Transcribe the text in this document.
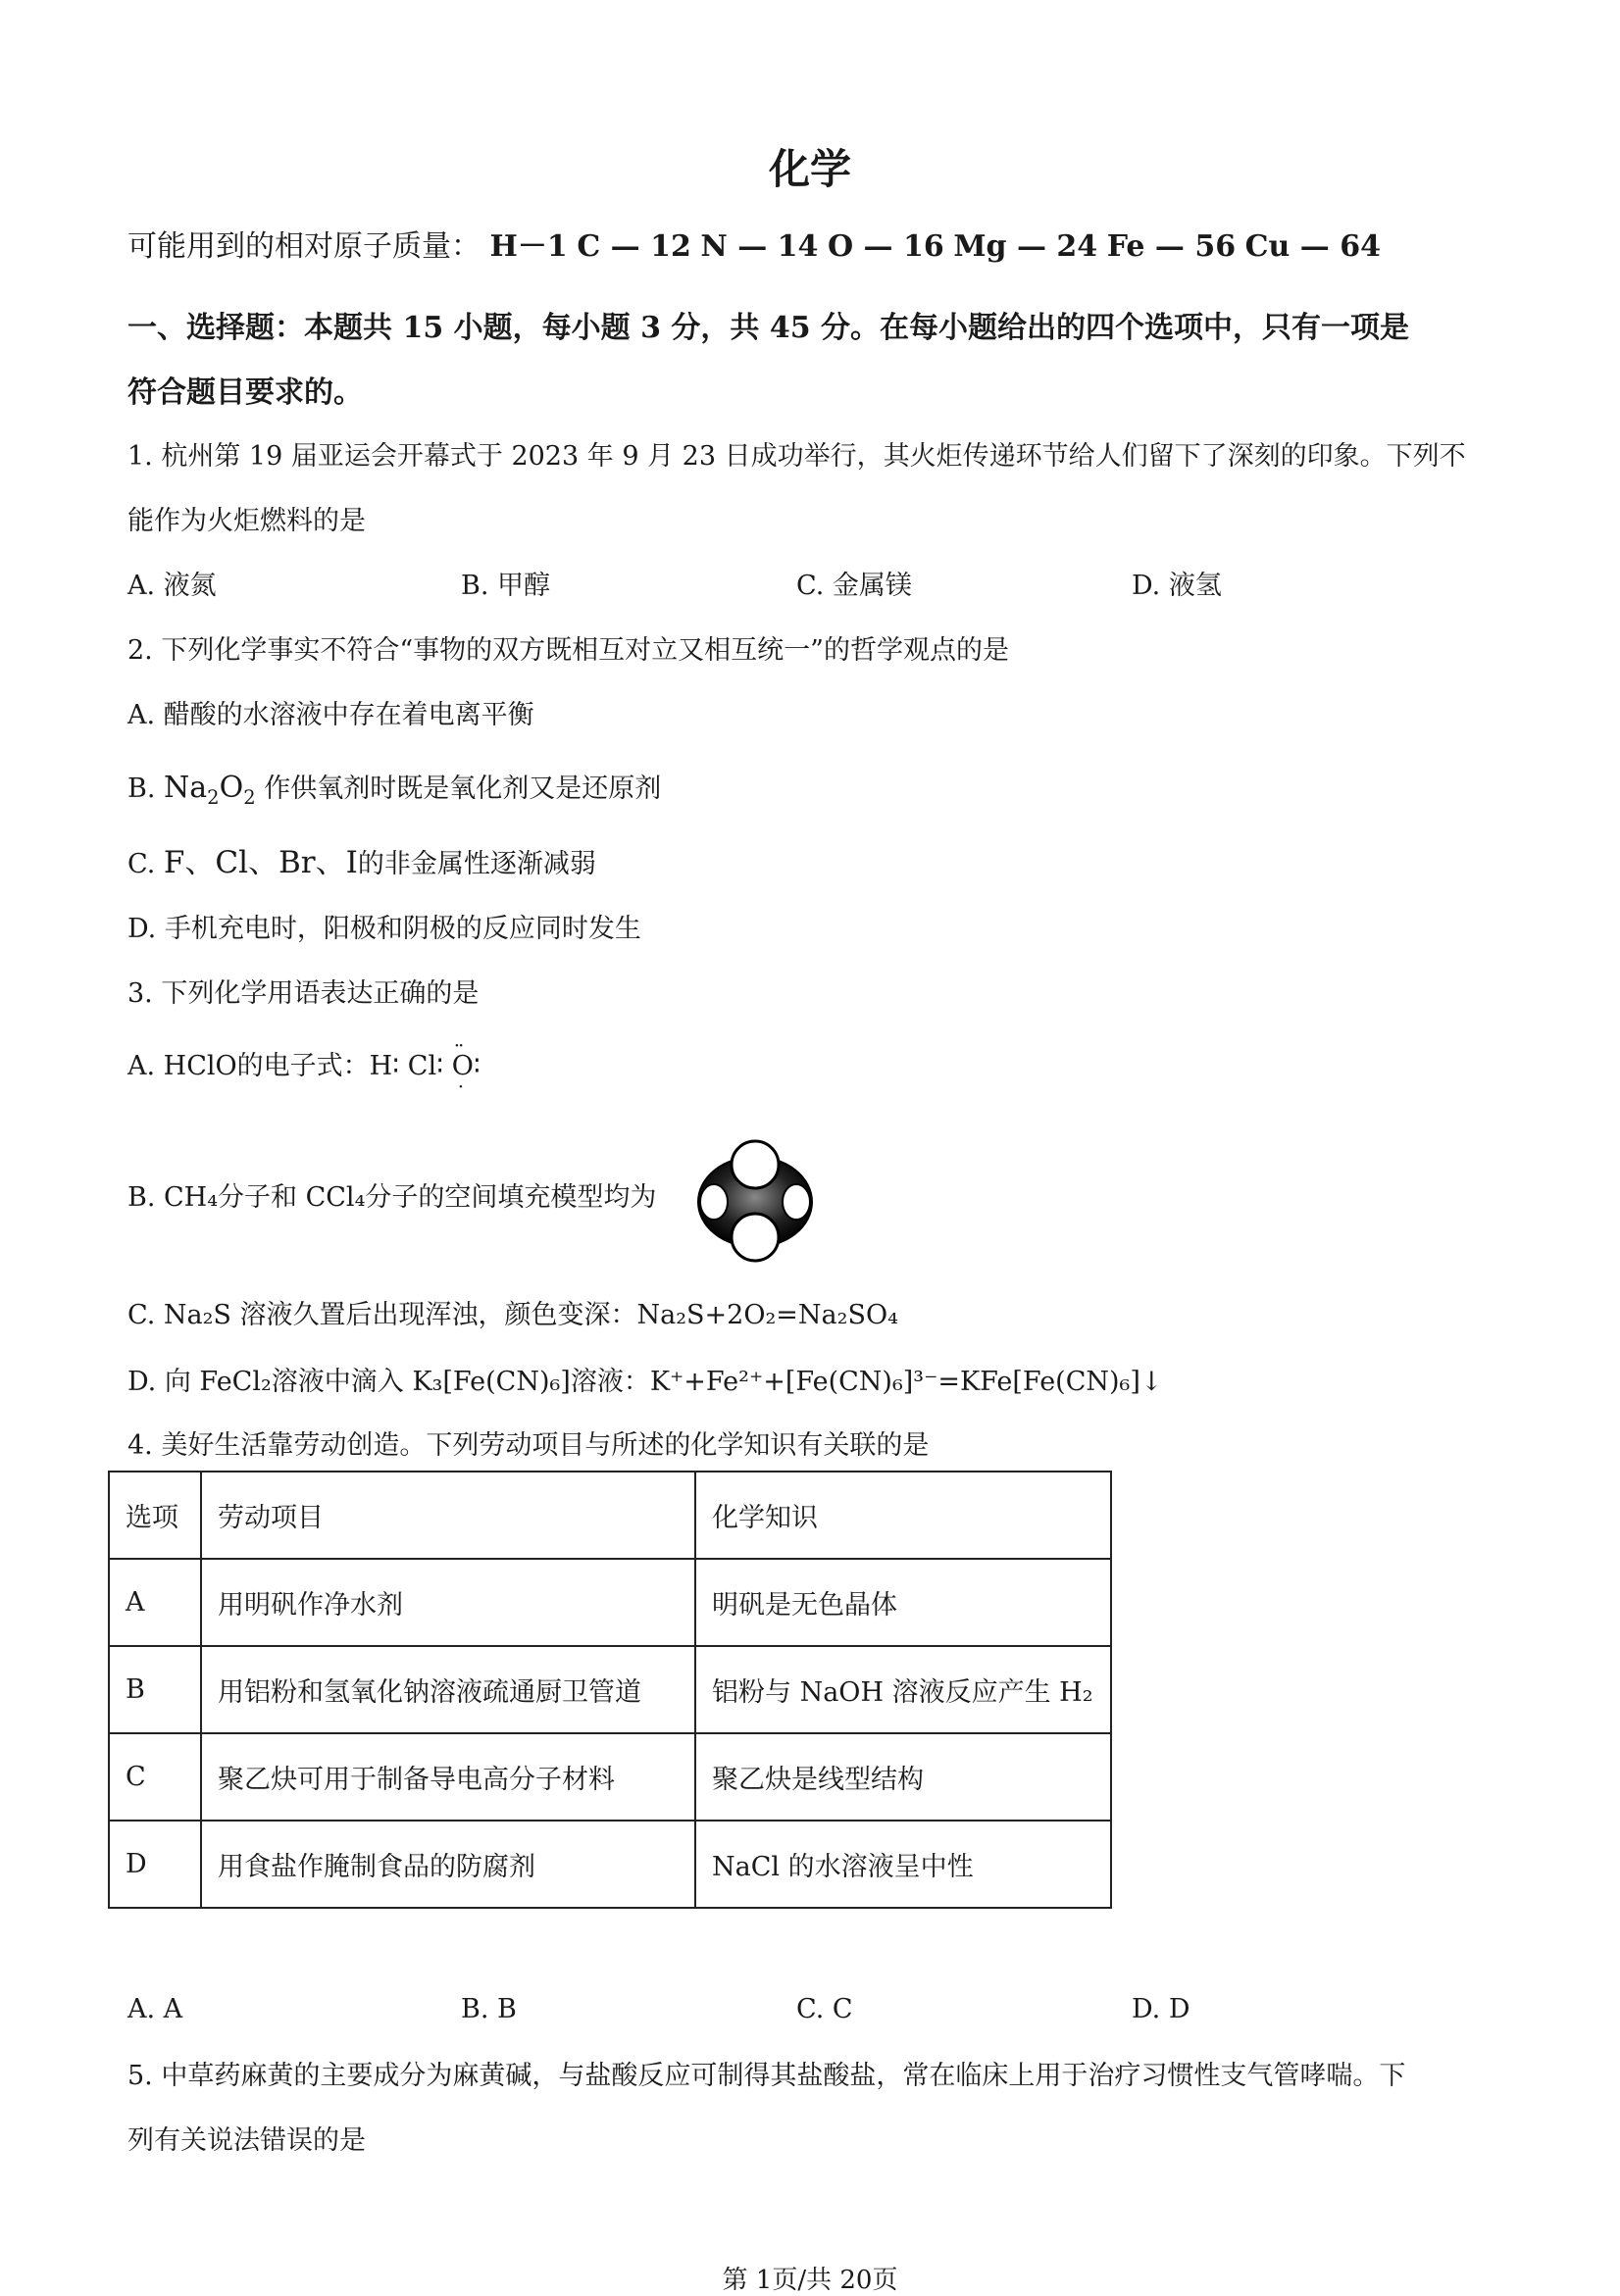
化学
可能用到的相对原子质量： H－1 C — 12 N — 14 O — 16 Mg — 24 Fe — 56 Cu — 64
一、选择题：本题共 15 小题，每小题 3 分，共 45 分。在每小题给出的四个选项中，只有一项是
符合题目要求的。
1. 杭州第 19 届亚运会开幕式于 2023 年 9 月 23 日成功举行，其火炬传递环节给人们留下了深刻的印象。下列不
能作为火炬燃料的是
A. 液氮	B. 甲醇	C. 金属镁	D. 液氢
2. 下列化学事实不符合“事物的双方既相互对立又相互统一”的哲学观点的是
A. 醋酸的水溶液中存在着电离平衡
B. $Na_2O_2$ 作供氧剂时既是氧化剂又是还原剂
C. F、Cl、Br、I的非金属性逐渐减弱
D. 手机充电时，阳极和阴极的反应同时发生
3. 下列化学用语表达正确的是
A. HClO的电子式：H∶ Cl∶ ·· O ·∶
B. CH₄分子和 CCl₄分子的空间填充模型均为
C. Na₂S 溶液久置后出现浑浊，颜色变深：Na₂S+2O₂=Na₂SO₄
D. 向 FeCl₂溶液中滴入 K₃[Fe(CN)₆]溶液：K⁺+Fe²⁺+[Fe(CN)₆]³⁻=KFe[Fe(CN)₆]↓
4. 美好生活靠劳动创造。下列劳动项目与所述的化学知识有关联的是
选项	劳动项目	化学知识
A	用明矾作净水剂	明矾是无色晶体
B	用铝粉和氢氧化钠溶液疏通厨卫管道	铝粉与 NaOH 溶液反应产生 H₂
C	聚乙炔可用于制备导电高分子材料	聚乙炔是线型结构
D	用食盐作腌制食品的防腐剂	NaCl 的水溶液呈中性
A. A	B. B	C. C	D. D
5. 中草药麻黄的主要成分为麻黄碱，与盐酸反应可制得其盐酸盐，常在临床上用于治疗习惯性支气管哮喘。下
列有关说法错误的是
第 1页/共 20页
